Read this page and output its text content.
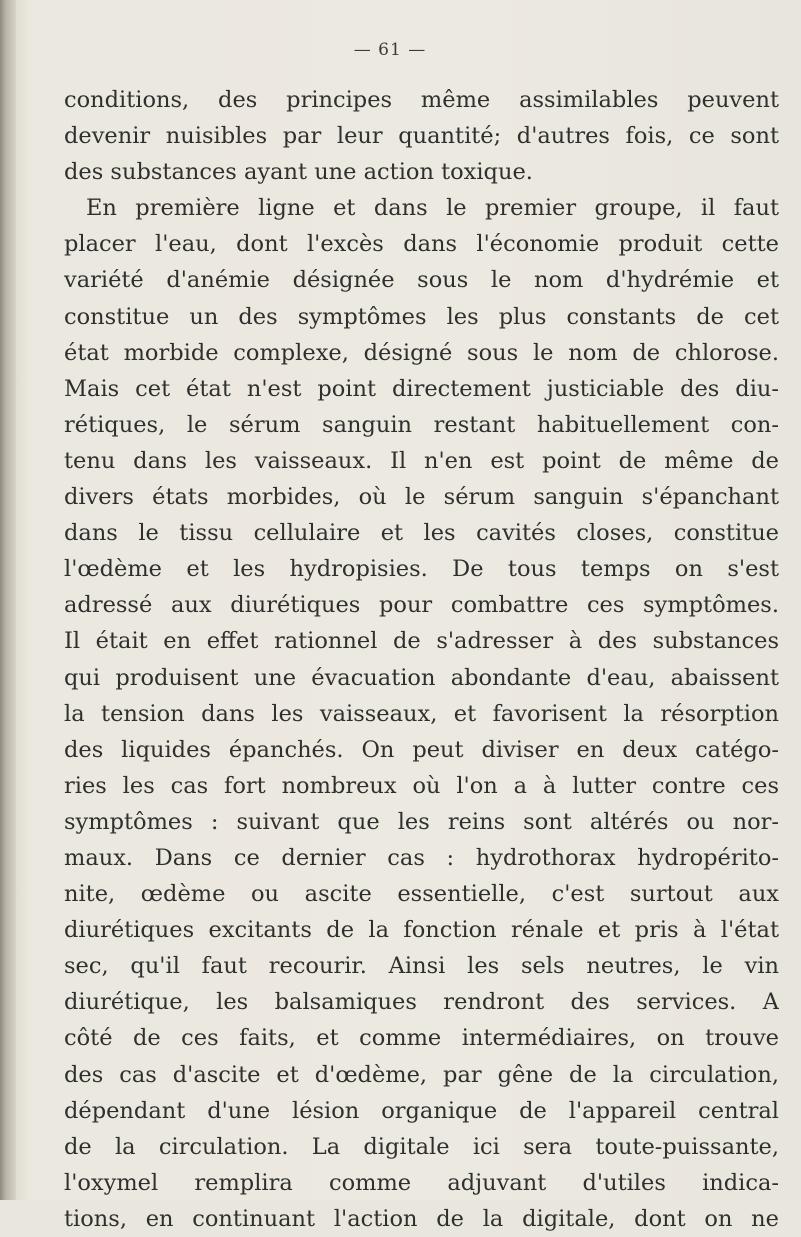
— 61 —
conditions, des principes même assimilables peuvent
devenir nuisibles par leur quantité; d'autres fois, ce sont
des substances ayant une action toxique.
En première ligne et dans le premier groupe, il faut
placer l'eau, dont l'excès dans l'économie produit cette
variété d'anémie désignée sous le nom d'hydrémie et
constitue un des symptômes les plus constants de cet
état morbide complexe, désigné sous le nom de chlorose.
Mais cet état n'est point directement justiciable des diu-
rétiques, le sérum sanguin restant habituellement con-
tenu dans les vaisseaux. Il n'en est point de même de
divers états morbides, où le sérum sanguin s'épanchant
dans le tissu cellulaire et les cavités closes, constitue
l'œdème et les hydropisies. De tous temps on s'est
adressé aux diurétiques pour combattre ces symptômes.
Il était en effet rationnel de s'adresser à des substances
qui produisent une évacuation abondante d'eau, abaissent
la tension dans les vaisseaux, et favorisent la résorption
des liquides épanchés. On peut diviser en deux catégo-
ries les cas fort nombreux où l'on a à lutter contre ces
symptômes : suivant que les reins sont altérés ou nor-
maux. Dans ce dernier cas : hydrothorax hydropérito-
nite, œdème ou ascite essentielle, c'est surtout aux
diurétiques excitants de la fonction rénale et pris à l'état
sec, qu'il faut recourir. Ainsi les sels neutres, le vin
diurétique, les balsamiques rendront des services. A
côté de ces faits, et comme intermédiaires, on trouve
des cas d'ascite et d'œdème, par gêne de la circulation,
dépendant d'une lésion organique de l'appareil central
de la circulation. La digitale ici sera toute-puissante,
l'oxymel remplira comme adjuvant d'utiles indica-
tions, en continuant l'action de la digitale, dont on ne
